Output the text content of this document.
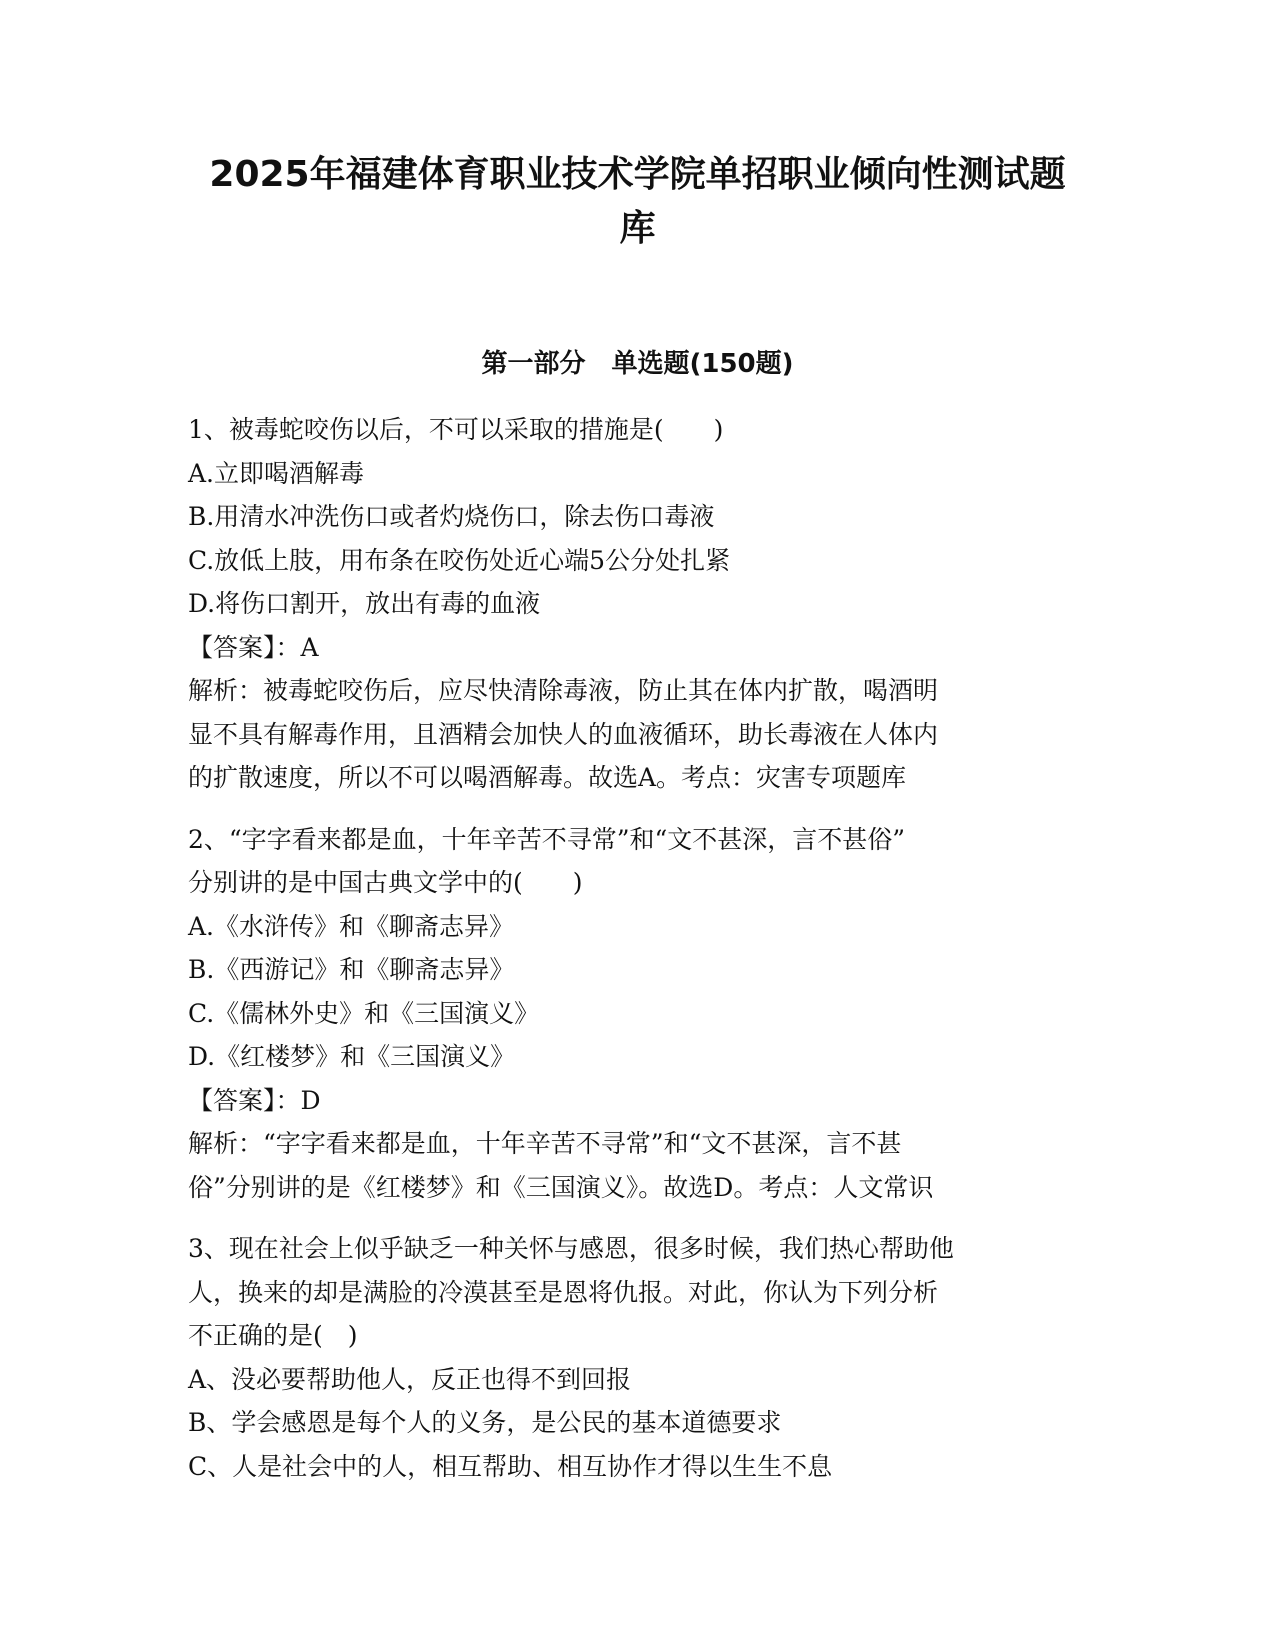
2025年福建体育职业技术学院单招职业倾向性测试题
库
第一部分　单选题(150题)
1、被毒蛇咬伤以后，不可以采取的措施是(　　)
A.立即喝酒解毒
B.用清水冲洗伤口或者灼烧伤口，除去伤口毒液
C.放低上肢，用布条在咬伤处近心端5公分处扎紧
D.将伤口割开，放出有毒的血液
【答案】：A
解析：被毒蛇咬伤后，应尽快清除毒液，防止其在体内扩散，喝酒明
显不具有解毒作用，且酒精会加快人的血液循环，助长毒液在人体内
的扩散速度，所以不可以喝酒解毒。故选A。考点：灾害专项题库
2、“字字看来都是血，十年辛苦不寻常”和“文不甚深，言不甚俗”
分别讲的是中国古典文学中的(　　)
A.《水浒传》和《聊斋志异》
B.《西游记》和《聊斋志异》
C.《儒林外史》和《三国演义》
D.《红楼梦》和《三国演义》
【答案】：D
解析：“字字看来都是血，十年辛苦不寻常”和“文不甚深，言不甚
俗”分别讲的是《红楼梦》和《三国演义》。故选D。考点：人文常识
3、现在社会上似乎缺乏一种关怀与感恩，很多时候，我们热心帮助他
人，换来的却是满脸的冷漠甚至是恩将仇报。对此，你认为下列分析
不正确的是(　)
A、没必要帮助他人，反正也得不到回报
B、学会感恩是每个人的义务，是公民的基本道德要求
C、人是社会中的人，相互帮助、相互协作才得以生生不息
